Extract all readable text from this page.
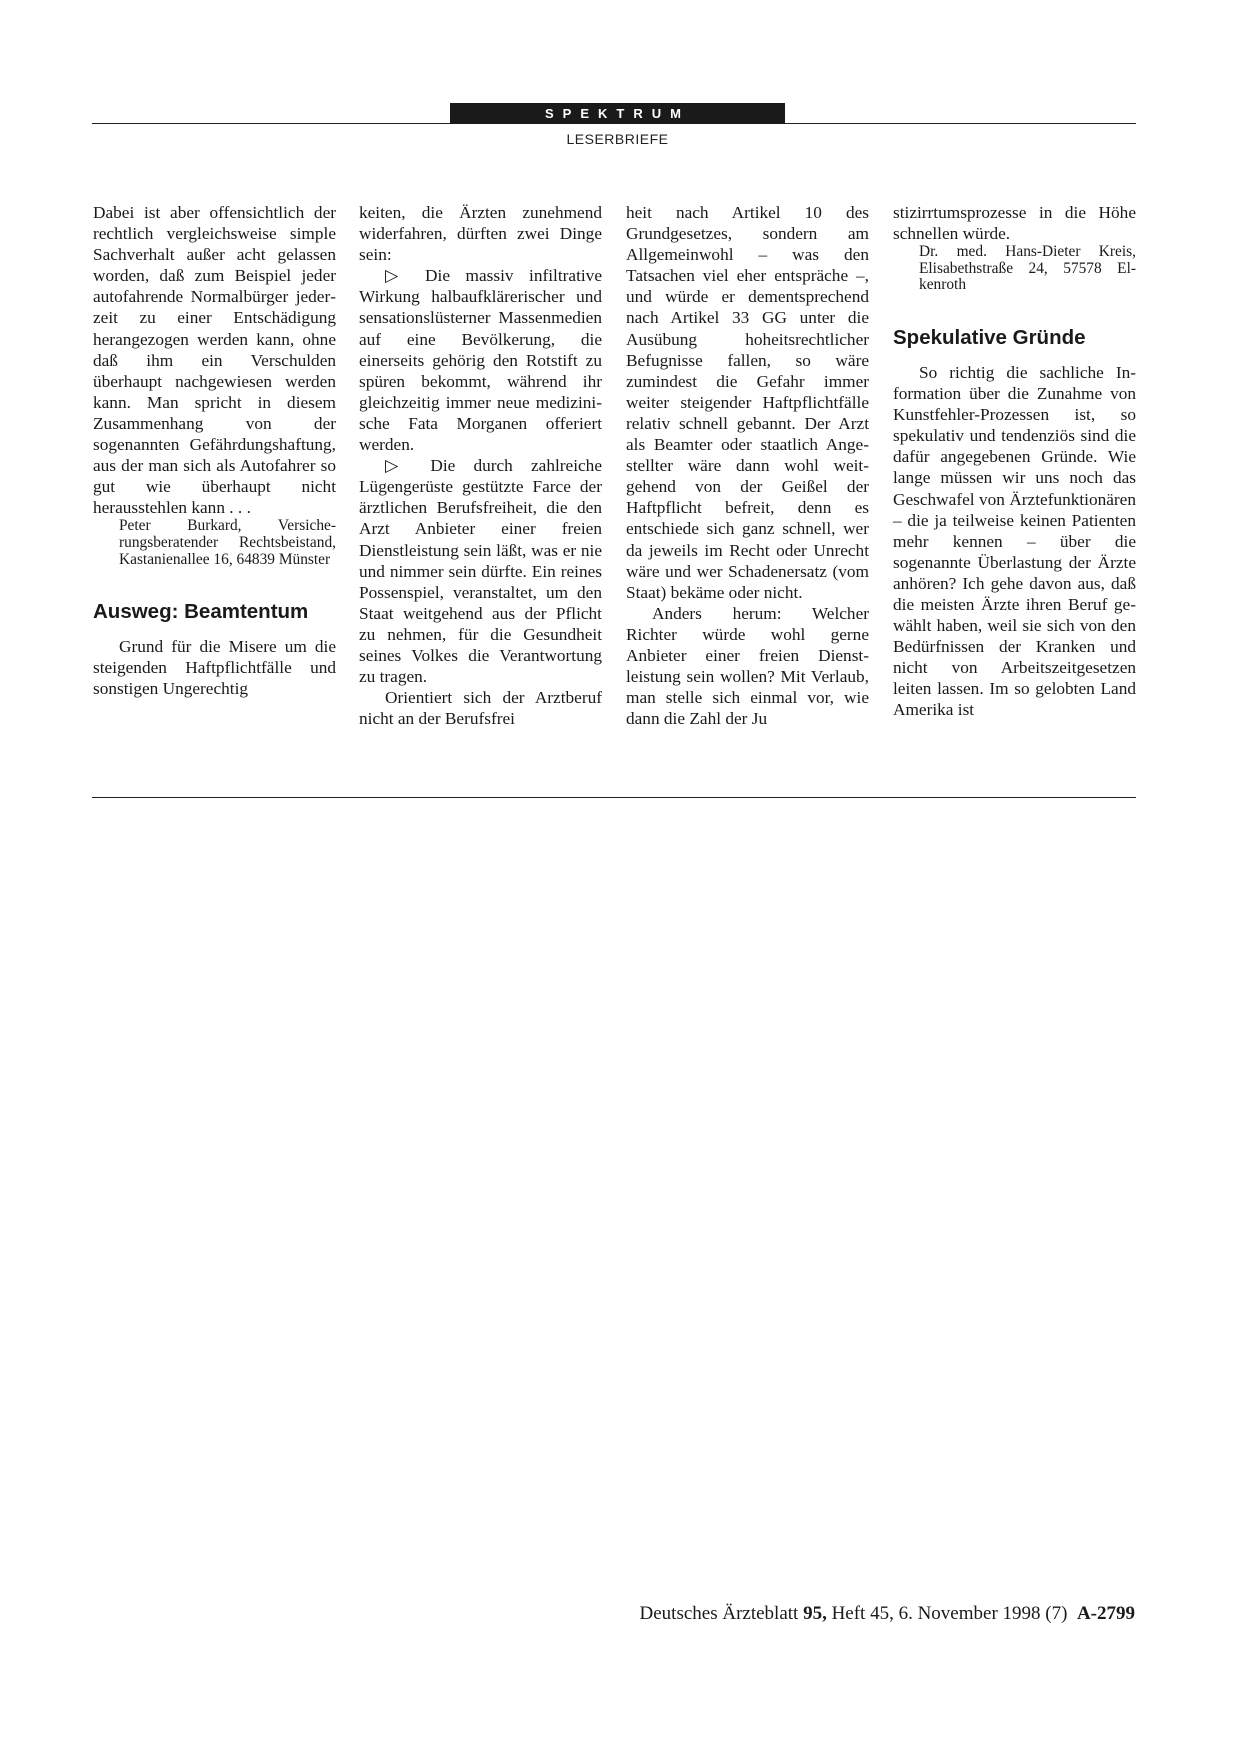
SPEKTRUM
LESERBRIEFE

Dabei ist aber offensichtlich der rechtlich vergleichsweise simple Sachverhalt außer acht gelassen worden, daß zum Beispiel jeder autofahrende Normalbürger jederzeit zu einer Entschädigung herangezogen werden kann, ohne daß ihm ein Verschulden überhaupt nachgewiesen werden kann. Man spricht in diesem Zusammenhang von der sogenannten Gefährdungshaftung, aus der man sich als Autofahrer so gut wie überhaupt nicht herausstehlen kann . . .

Peter Burkard, Versicherungsberatender Rechtsbeistand, Kastanienallee 16, 64839 Münster

Ausweg: Beamtentum

Grund für die Misere um die steigenden Haftpflichtfälle und sonstigen Ungerechtig

keiten, die Ärzten zunehmend widerfahren, dürften zwei Dinge sein:

▷ Die massiv infiltrative Wirkung halbaufklärerischer und sensationslüsterner Massenmedien auf eine Bevölkerung, die einerseits gehörig den Rotstift zu spüren bekommt, während ihr gleichzeitig immer neue medizinische Fata Morganen offeriert werden.

▷ Die durch zahlreiche Lügengerüste gestützte Farce der ärztlichen Berufsfreiheit, die den Arzt Anbieter einer freien Dienstleistung sein läßt, was er nie und nimmer sein dürfte. Ein reines Possenspiel, veranstaltet, um den Staat weitgehend aus der Pflicht zu nehmen, für die Gesundheit seines Volkes die Verantwortung zu tragen.

Orientiert sich der Arztberuf nicht an der Berufsfrei

heit nach Artikel 10 des Grundgesetzes, sondern am Allgemeinwohl – was den Tatsachen viel eher entspräche –, und würde er dementsprechend nach Artikel 33 GG unter die Ausübung hoheitsrechtlicher Befugnisse fallen, so wäre zumindest die Gefahr immer weiter steigender Haftpflichtfälle relativ schnell gebannt. Der Arzt als Beamter oder staatlich Angestellter wäre dann wohl weitgehend von der Geißel der Haftpflicht befreit, denn es entschiede sich ganz schnell, wer da jeweils im Recht oder Unrecht wäre und wer Schadenersatz (vom Staat) bekäme oder nicht.

Anders herum: Welcher Richter würde wohl gerne Anbieter einer freien Dienstleistung sein wollen? Mit Verlaub, man stelle sich einmal vor, wie dann die Zahl der Ju

stizirrtumsprozesse in die Höhe schnellen würde.

Dr. med. Hans-Dieter Kreis, Elisabethstraße 24, 57578 Elkenroth

Spekulative Gründe

So richtig die sachliche Information über die Zunahme von Kunstfehler-Prozessen ist, so spekulativ und tendenziös sind die dafür angegebenen Gründe. Wie lange müssen wir uns noch das Geschwafel von Ärztefunktionären – die ja teilweise keinen Patienten mehr kennen – über die sogenannte Überlastung der Ärzte anhören? Ich gehe davon aus, daß die meisten Ärzte ihren Beruf gewählt haben, weil sie sich von den Bedürfnissen der Kranken und nicht von Arbeitszeitgesetzen leiten lassen. Im so gelobten Land Amerika ist

Deutsches Ärzteblatt 95, Heft 45, 6. November 1998 (7) A-2799
